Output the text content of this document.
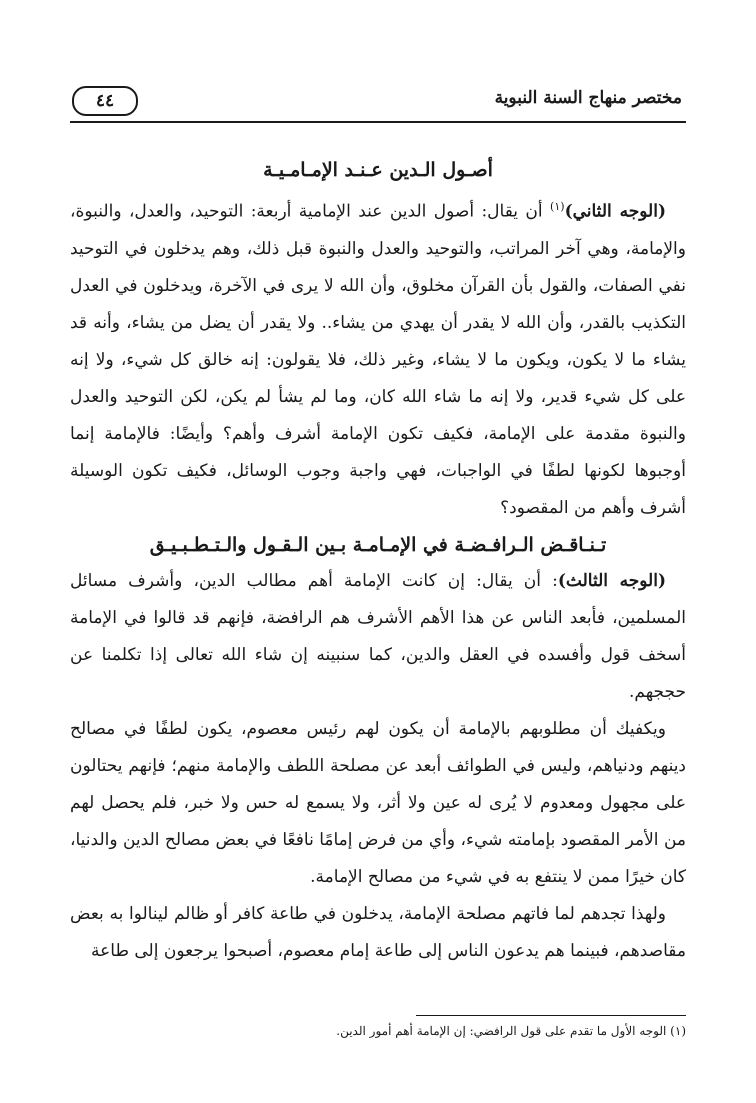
مختصر منهاج السنة النبوية
٤٤

أصـول الـدين عـنـد الإمـامـيـة

(الوجه الثاني)$^{(١)}$ أن يقال: أصول الدين عند الإمامية أربعة: التوحيد، والعدل، والنبوة، والإمامة، وهي آخر المراتب، والتوحيد والعدل والنبوة قبل ذلك، وهم يدخلون في التوحيد نفي الصفات، والقول بأن القرآن مخلوق، وأن الله لا يرى في الآخرة، ويدخلون في العدل التكذيب بالقدر، وأن الله لا يقدر أن يهدي من يشاء.. ولا يقدر أن يضل من يشاء، وأنه قد يشاء ما لا يكون، ويكون ما لا يشاء، وغير ذلك، فلا يقولون: إنه خالق كل شيء، ولا إنه على كل شيء قدير، ولا إنه ما شاء الله كان، وما لم يشأ لم يكن، لكن التوحيد والعدل والنبوة مقدمة على الإمامة، فكيف تكون الإمامة أشرف وأهم؟ وأيضًا: فالإمامة إنما أوجبوها لكونها لطفًا في الواجبات، فهي واجبة وجوب الوسائل، فكيف تكون الوسيلة أشرف وأهم من المقصود؟

تـنـاقـض الـرافـضـة في الإمـامـة بـين الـقـول والـتـطـبـيـق

(الوجه الثالث): أن يقال: إن كانت الإمامة أهم مطالب الدين، وأشرف مسائل المسلمين، فأبعد الناس عن هذا الأهم الأشرف هم الرافضة، فإنهم قد قالوا في الإمامة أسخف قول وأفسده في العقل والدين، كما سنبينه إن شاء الله تعالى إذا تكلمنا عن حججهم.

ويكفيك أن مطلوبهم بالإمامة أن يكون لهم رئيس معصوم، يكون لطفًا في مصالح دينهم ودنياهم، وليس في الطوائف أبعد عن مصلحة اللطف والإمامة منهم؛ فإنهم يحتالون على مجهول ومعدوم لا يُرى له عين ولا أثر، ولا يسمع له حس ولا خبر، فلم يحصل لهم من الأمر المقصود بإمامته شيء، وأي من فرض إمامًا نافعًا في بعض مصالح الدين والدنيا، كان خيرًا ممن لا ينتفع به في شيء من مصالح الإمامة.

ولهذا تجدهم لما فاتهم مصلحة الإمامة، يدخلون في طاعة كافر أو ظالم لينالوا به بعض مقاصدهم، فبينما هم يدعون الناس إلى طاعة إمام معصوم، أصبحوا يرجعون إلى طاعة

(١) الوجه الأول ما تقدم على قول الرافضي: إن الإمامة أهم أمور الدين.
